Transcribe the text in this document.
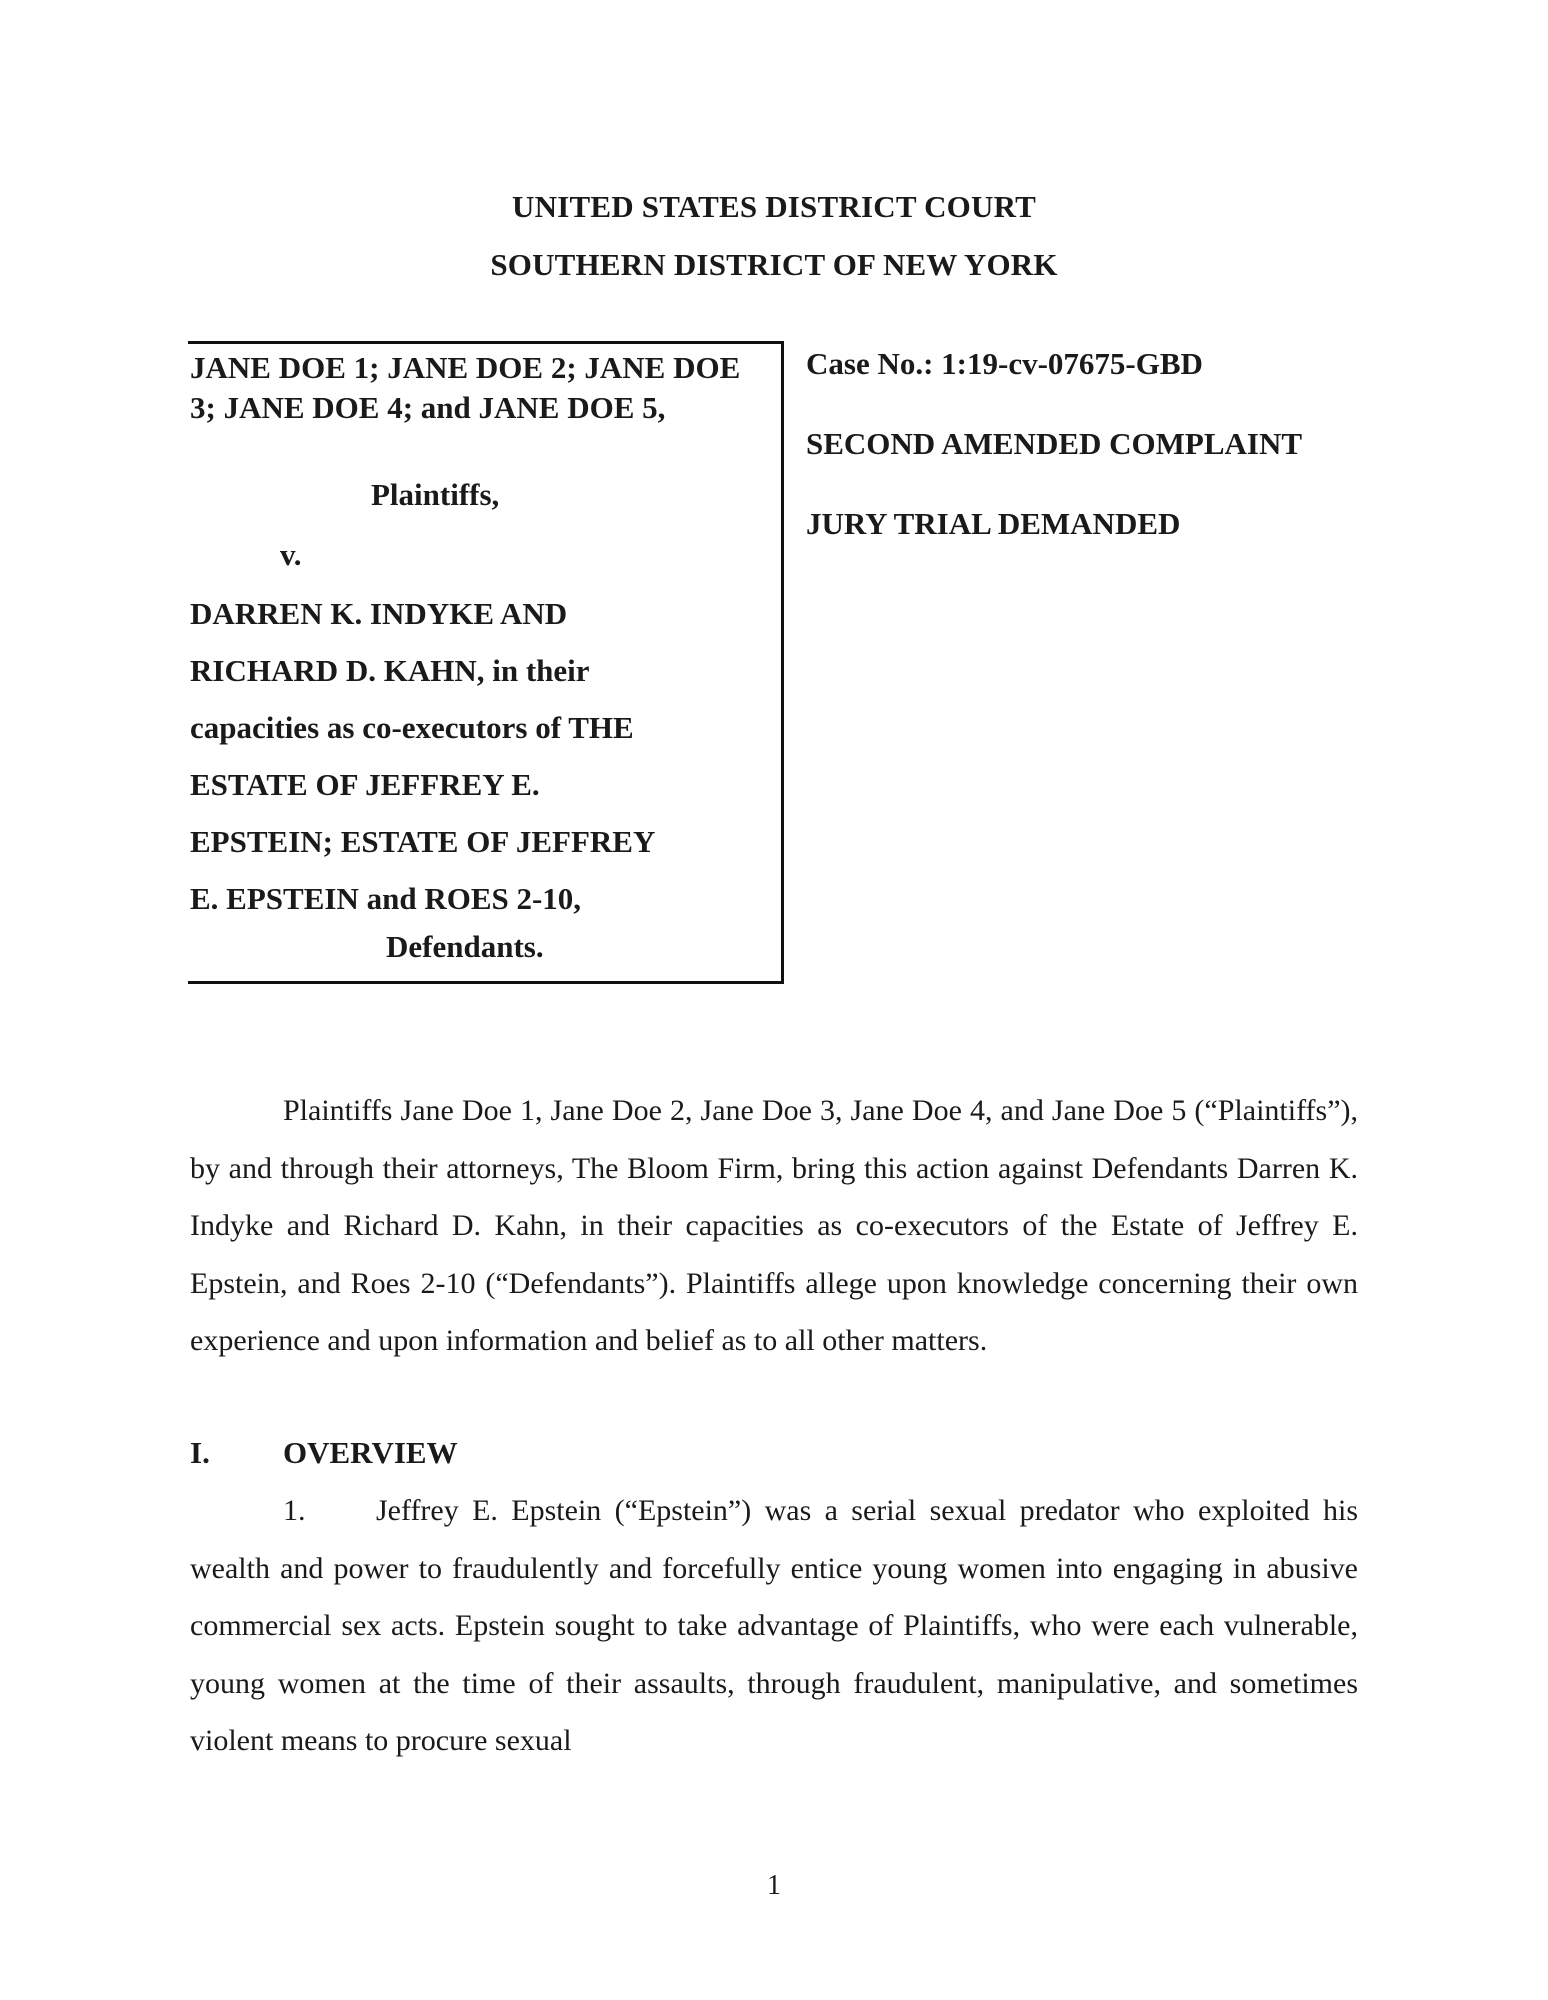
UNITED STATES DISTRICT COURT
SOUTHERN DISTRICT OF NEW YORK
JANE DOE 1; JANE DOE 2; JANE DOE 3; JANE DOE 4; and JANE DOE 5,
Plaintiffs,
v.
DARREN K. INDYKE AND
RICHARD D. KAHN, in their
capacities as co-executors of THE
ESTATE OF JEFFREY E.
EPSTEIN; ESTATE OF JEFFREY
E. EPSTEIN and ROES 2-10,
Defendants.
Case No.: 1:19-cv-07675-GBD
SECOND AMENDED COMPLAINT
JURY TRIAL DEMANDED
Plaintiffs Jane Doe 1, Jane Doe 2, Jane Doe 3, Jane Doe 4, and Jane Doe 5 (“Plaintiffs”), by and through their attorneys, The Bloom Firm, bring this action against Defendants Darren K. Indyke and Richard D. Kahn, in their capacities as co-executors of the Estate of Jeffrey E. Epstein, and Roes 2-10 (“Defendants”). Plaintiffs allege upon knowledge concerning their own experience and upon information and belief as to all other matters.
I. OVERVIEW
1. Jeffrey E. Epstein (“Epstein”) was a serial sexual predator who exploited his wealth and power to fraudulently and forcefully entice young women into engaging in abusive commercial sex acts. Epstein sought to take advantage of Plaintiffs, who were each vulnerable, young women at the time of their assaults, through fraudulent, manipulative, and sometimes violent means to procure sexual
1
